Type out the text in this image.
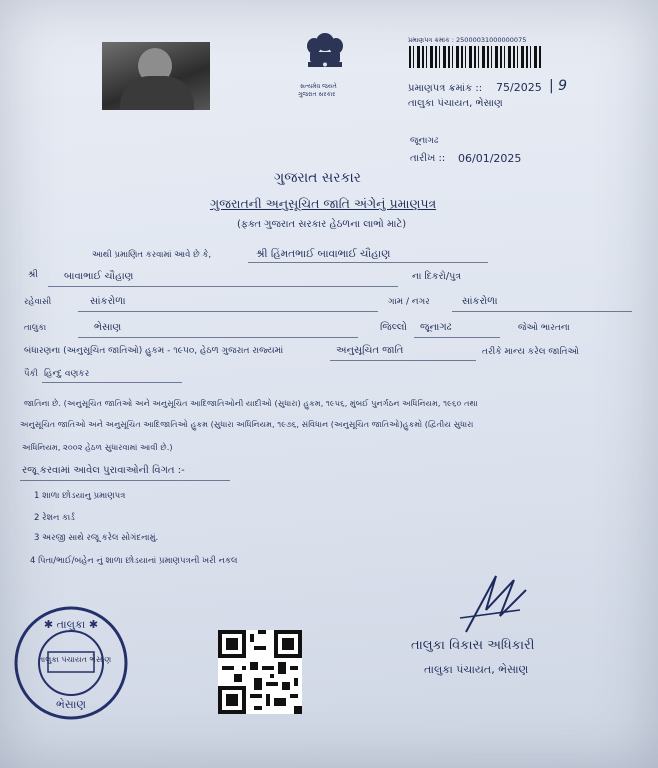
સત્યમેવ જયતે
ગુજરાત સરકાર
પ્રમાણપત્ર ક્રમાંક : 25000031000000075
પ્રમાણપત્ર ક્રમાંક :: 75/2025 | 9
તાલુકા પંચાયત, ભેસાણ
જૂનાગઢ
તારીખ :: 06/01/2025
ગુજરાત સરકાર
ગુજરાતની અનુસૂચિત જાતિ અંગેનું પ્રમાણપત્ર
(ફક્ત ગુજરાત સરકાર હેઠળના લાભો માટે)
આથી પ્રમાણિત કરવામાં આવે છે કે,	શ્રી હિંમતભાઈ બાવાભાઈ ચૌહાણ
શ્રી	બાવાભાઈ ચૌહાણ	ના દિકરો/પુત્ર
રહેવાસી	સાંકરોળા	ગામ / નગર	સાંકરોળા
તાલુકા	ભેસાણ	જિલ્લો જૂનાગઢ	જેઓ ભારતના
બંધારણના (અનુસૂચિત જાતિઓ) હુકમ - ૧૯૫૦, હેઠળ ગુજરાત રાજ્યમાં	અનુસૂચિત જાતિ	તરીકે માન્ય કરેલ જાતિઓ
પૈકી હિન્દુ વણકર
જાતિના છે. (અનુસૂચિત જાતિઓ અને અનુસૂચિત આદિજાતિઓની યાદીઓ (સુધારા) હુકમ, ૧૯૫૬, મુંબઈ પુનર્ગઠન અધિનિયમ, ૧૯૬૦ તથા
અનુસૂચિત જાતિઓ અને અનુસૂચિત આદિજાતિઓ હુકમ (સુધારા અધિનિયમ, ૧૯૭૬, સંવિધાન (અનુસૂચિત જાતિઓ)હુકમો (દ્વિતીય સુધારા
અધિનિયમ, ૨૦૦૨ હેઠળ સુધારવામાં આવી છે.)
રજૂ કરવામાં આવેલ પુરાવાઓની વિગત :-
1 શાળા છોડયાનુ પ્રમાણપત્ર
2 રેશન કાર્ડ
3 અરજી સાથે રજૂ કરેલ સોગંદનામું.
4 પિતા/ભાઈ/બહેન નું શાળા છોડયાનાં પ્રમાણપત્રની ખરી નકલ
✱ તાલુકા ✱
ભેસાણ
તાલુકા વિકાસ અધિકારી
તાલુકા પંચાયત, ભેસાણ
તાલુકા પંચાયત ભેસાણ
